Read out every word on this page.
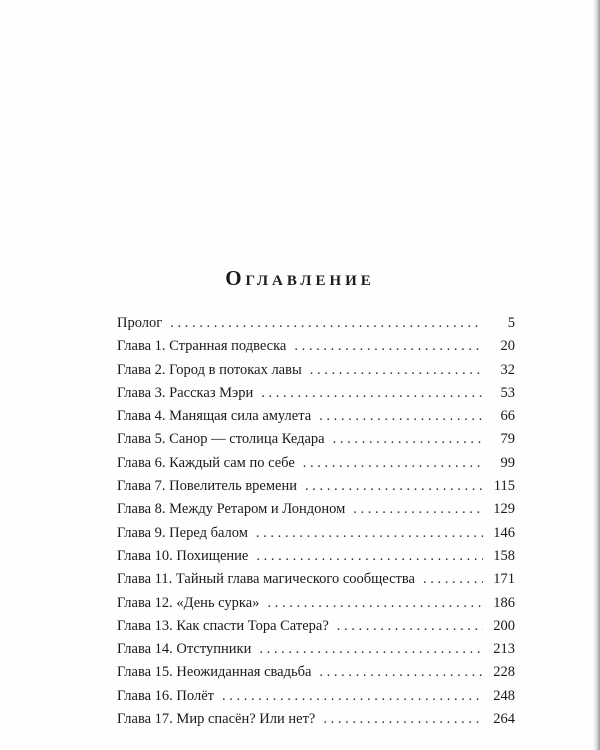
Оглавление
Пролог . . .	5
Глава 1. Странная подвеска . . .	20
Глава 2. Город в потоках лавы . . .	32
Глава 3. Рассказ Мэри . . .	53
Глава 4. Манящая сила амулета . . .	66
Глава 5. Санор — столица Кедара . . .	79
Глава 6. Каждый сам по себе . . .	99
Глава 7. Повелитель времени . . .	115
Глава 8. Между Ретаром и Лондоном . . .	129
Глава 9. Перед балом . . .	146
Глава 10. Похищение . . .	158
Глава 11. Тайный глава магического сообщества . . .	171
Глава 12. «День сурка» . . .	186
Глава 13. Как спасти Тора Сатера? . . .	200
Глава 14. Отступники . . .	213
Глава 15. Неожиданная свадьба . . .	228
Глава 16. Полёт . . .	248
Глава 17. Мир спасён? Или нет? . . .	264
